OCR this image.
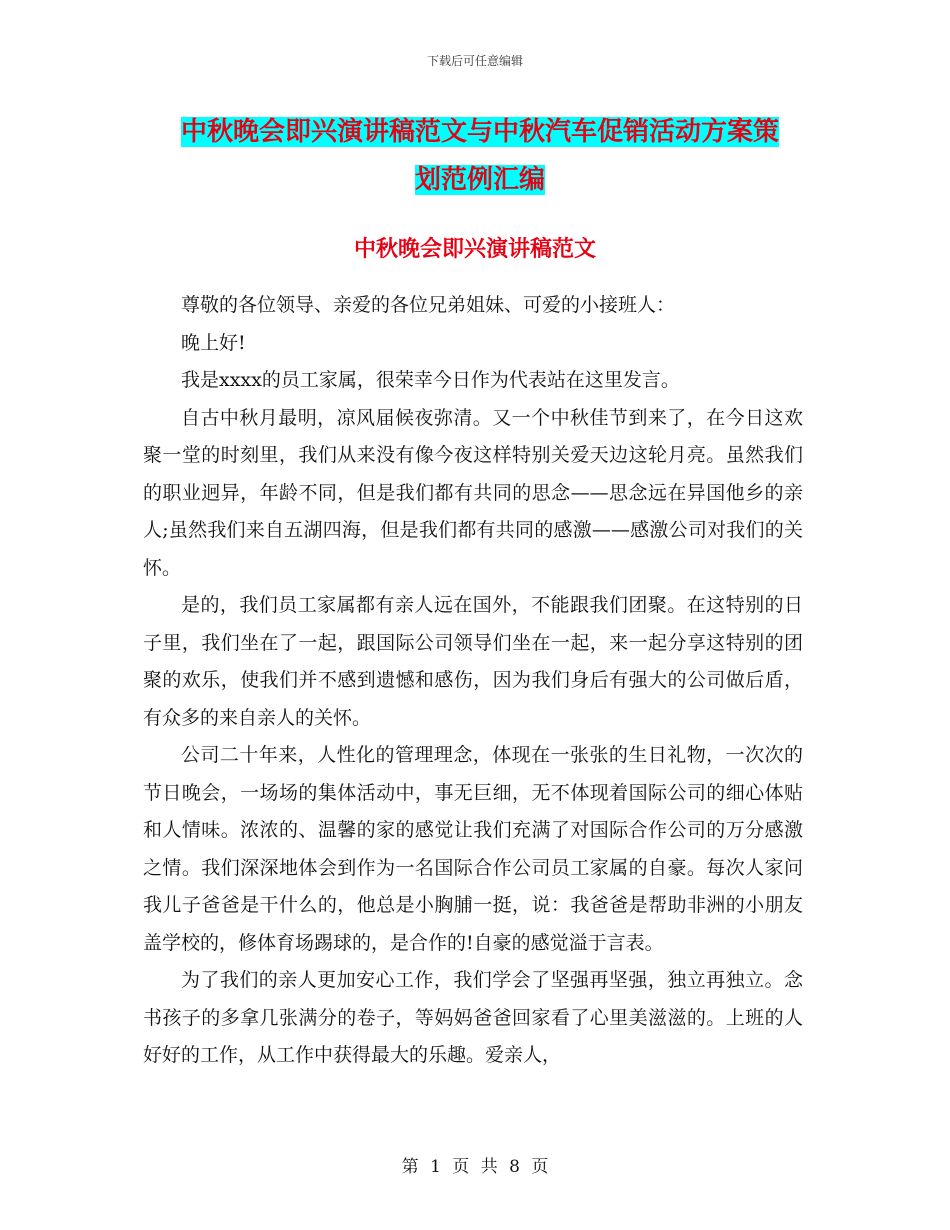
下载后可任意编辑
中秋晚会即兴演讲稿范文与中秋汽车促销活动方案策
划范例汇编
中秋晚会即兴演讲稿范文

尊敬的各位领导、亲爱的各位兄弟姐妹、可爱的小接班人：

晚上好!

我是xxxx的员工家属，很荣幸今日作为代表站在这里发言。

自古中秋月最明，凉风届候夜弥清。又一个中秋佳节到来了，在今日这欢聚一堂的时刻里，我们从来没有像今夜这样特别关爱天边这轮月亮。虽然我们的职业迥异，年龄不同，但是我们都有共同的思念——思念远在异国他乡的亲人;虽然我们来自五湖四海，但是我们都有共同的感激——感激公司对我们的关怀。

是的，我们员工家属都有亲人远在国外，不能跟我们团聚。在这特别的日子里，我们坐在了一起，跟国际公司领导们坐在一起，来一起分享这特别的团聚的欢乐，使我们并不感到遗憾和感伤，因为我们身后有强大的公司做后盾，有众多的来自亲人的关怀。

公司二十年来，人性化的管理理念，体现在一张张的生日礼物，一次次的节日晚会，一场场的集体活动中，事无巨细，无不体现着国际公司的细心体贴和人情味。浓浓的、温馨的家的感觉让我们充满了对国际合作公司的万分感激之情。我们深深地体会到作为一名国际合作公司员工家属的自豪。每次人家问我儿子爸爸是干什么的，他总是小胸脯一挺，说：我爸爸是帮助非洲的小朋友盖学校的，修体育场踢球的，是合作的!自豪的感觉溢于言表。

为了我们的亲人更加安心工作，我们学会了坚强再坚强，独立再独立。念书孩子的多拿几张满分的卷子，等妈妈爸爸回家看了心里美滋滋的。上班的人好好的工作，从工作中获得最大的乐趣。爱亲人，

第 1 页 共 8 页
